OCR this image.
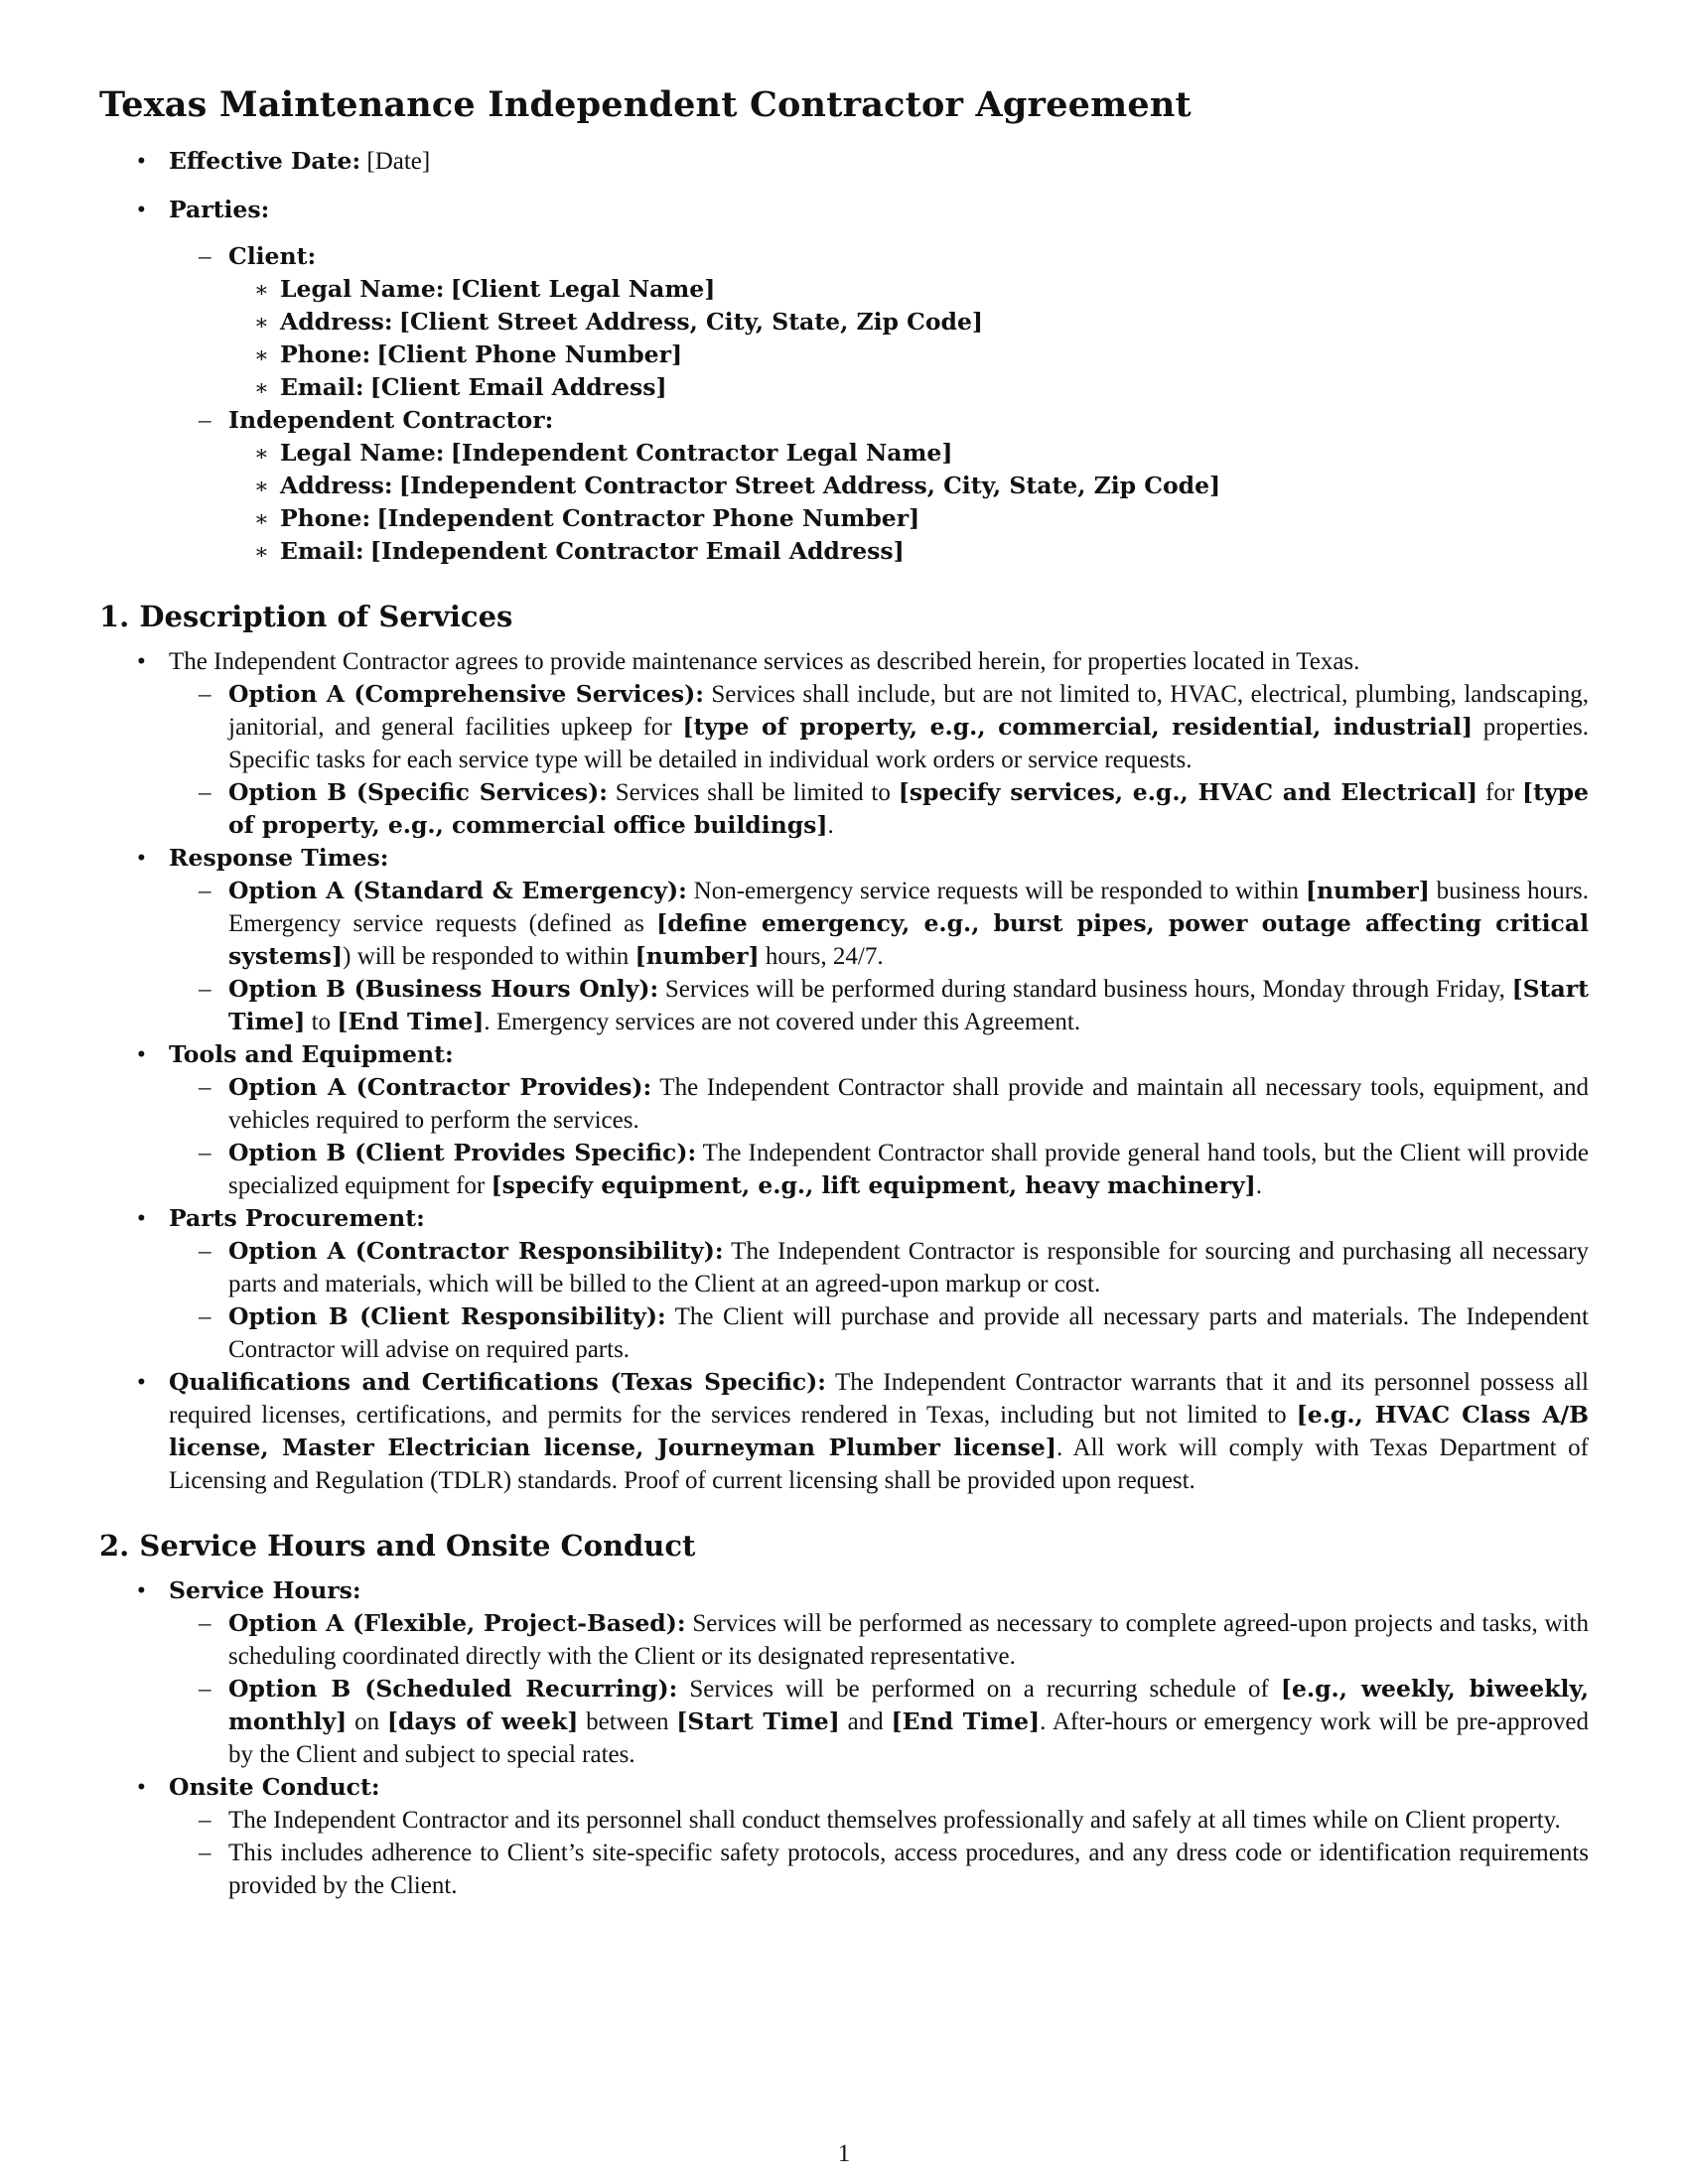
Texas Maintenance Independent Contractor Agreement
• Effective Date: [Date]
• Parties:
– Client:
∗ Legal Name: [Client Legal Name]
∗ Address: [Client Street Address, City, State, Zip Code]
∗ Phone: [Client Phone Number]
∗ Email: [Client Email Address]
– Independent Contractor:
∗ Legal Name: [Independent Contractor Legal Name]
∗ Address: [Independent Contractor Street Address, City, State, Zip Code]
∗ Phone: [Independent Contractor Phone Number]
∗ Email: [Independent Contractor Email Address]
1. Description of Services
• The Independent Contractor agrees to provide maintenance services as described herein, for properties located in Texas.
– Option A (Comprehensive Services): Services shall include, but are not limited to, HVAC, electrical, plumbing, landscaping, janitorial, and general facilities upkeep for [type of property, e.g., commercial, residential, industrial] properties. Specific tasks for each service type will be detailed in individual work orders or service requests.
– Option B (Specific Services): Services shall be limited to [specify services, e.g., HVAC and Electrical] for [type of property, e.g., commercial office buildings].
• Response Times:
– Option A (Standard & Emergency): Non-emergency service requests will be responded to within [number] business hours. Emergency service requests (defined as [define emergency, e.g., burst pipes, power outage affecting critical systems]) will be responded to within [number] hours, 24/7.
– Option B (Business Hours Only): Services will be performed during standard business hours, Monday through Friday, [Start Time] to [End Time]. Emergency services are not covered under this Agreement.
• Tools and Equipment:
– Option A (Contractor Provides): The Independent Contractor shall provide and maintain all necessary tools, equipment, and vehicles required to perform the services.
– Option B (Client Provides Specific): The Independent Contractor shall provide general hand tools, but the Client will provide specialized equipment for [specify equipment, e.g., lift equipment, heavy machinery].
• Parts Procurement:
– Option A (Contractor Responsibility): The Independent Contractor is responsible for sourcing and purchasing all necessary parts and materials, which will be billed to the Client at an agreed-upon markup or cost.
– Option B (Client Responsibility): The Client will purchase and provide all necessary parts and materials. The Independent Contractor will advise on required parts.
• Qualifications and Certifications (Texas Specific): The Independent Contractor warrants that it and its personnel possess all required licenses, certifications, and permits for the services rendered in Texas, including but not limited to [e.g., HVAC Class A/B license, Master Electrician license, Journeyman Plumber license]. All work will comply with Texas Department of Licensing and Regulation (TDLR) standards. Proof of current licensing shall be provided upon request.
2. Service Hours and Onsite Conduct
• Service Hours:
– Option A (Flexible, Project-Based): Services will be performed as necessary to complete agreed-upon projects and tasks, with scheduling coordinated directly with the Client or its designated representative.
– Option B (Scheduled Recurring): Services will be performed on a recurring schedule of [e.g., weekly, biweekly, monthly] on [days of week] between [Start Time] and [End Time]. After-hours or emergency work will be pre-approved by the Client and subject to special rates.
• Onsite Conduct:
– The Independent Contractor and its personnel shall conduct themselves professionally and safely at all times while on Client property.
– This includes adherence to Client’s site-specific safety protocols, access procedures, and any dress code or identification requirements provided by the Client.
1
